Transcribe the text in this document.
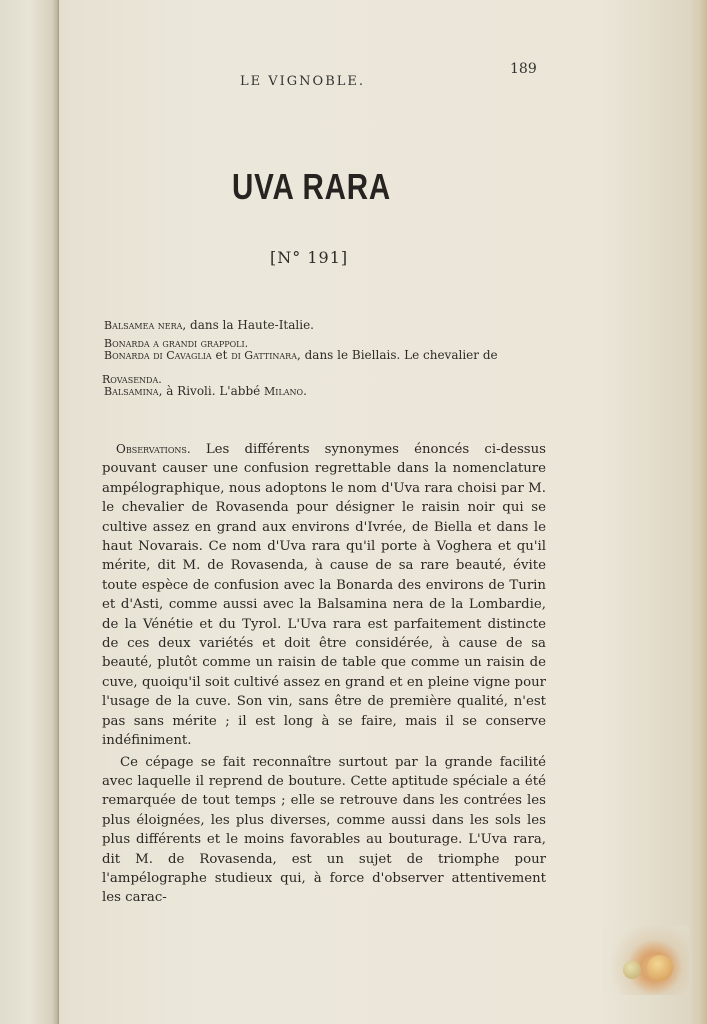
LE VIGNOBLE.
189
UVA RARA
[N° 191]
Balsamea nera, dans la Haute-Italie.
Bonarda a grandi grappoli.
Bonarda di Cavaglia et di Gattinara, dans le Biellais. Le chevalier de
Rovasenda.
Balsamina, à Rivoli. L'abbé Milano.

Observations. Les différents synonymes énoncés ci-dessus pouvant causer une confusion regrettable dans la nomenclature ampélographique, nous adoptons le nom d'Uva rara choisi par M. le chevalier de Rovasenda pour désigner le raisin noir qui se cultive assez en grand aux environs d'Ivrée, de Biella et dans le haut Novarais. Ce nom d'Uva rara qu'il porte à Voghera et qu'il mérite, dit M. de Rovasenda, à cause de sa rare beauté, évite toute espèce de confusion avec la Bonarda des environs de Turin et d'Asti, comme aussi avec la Balsamina nera de la Lombardie, de la Vénétie et du Tyrol. L'Uva rara est parfaitement distincte de ces deux variétés et doit être considérée, à cause de sa beauté, plutôt comme un raisin de table que comme un raisin de cuve, quoiqu'il soit cultivé assez en grand et en pleine vigne pour l'usage de la cuve. Son vin, sans être de première qualité, n'est pas sans mérite ; il est long à se faire, mais il se conserve indéfiniment.

Ce cépage se fait reconnaître surtout par la grande facilité avec laquelle il reprend de bouture. Cette aptitude spéciale a été remarquée de tout temps ; elle se retrouve dans les contrées les plus éloignées, les plus diverses, comme aussi dans les sols les plus différents et le moins favorables au bouturage. L'Uva rara, dit M. de Rovasenda, est un sujet de triomphe pour l'ampélographe studieux qui, à force d'observer attentivement les carac-
